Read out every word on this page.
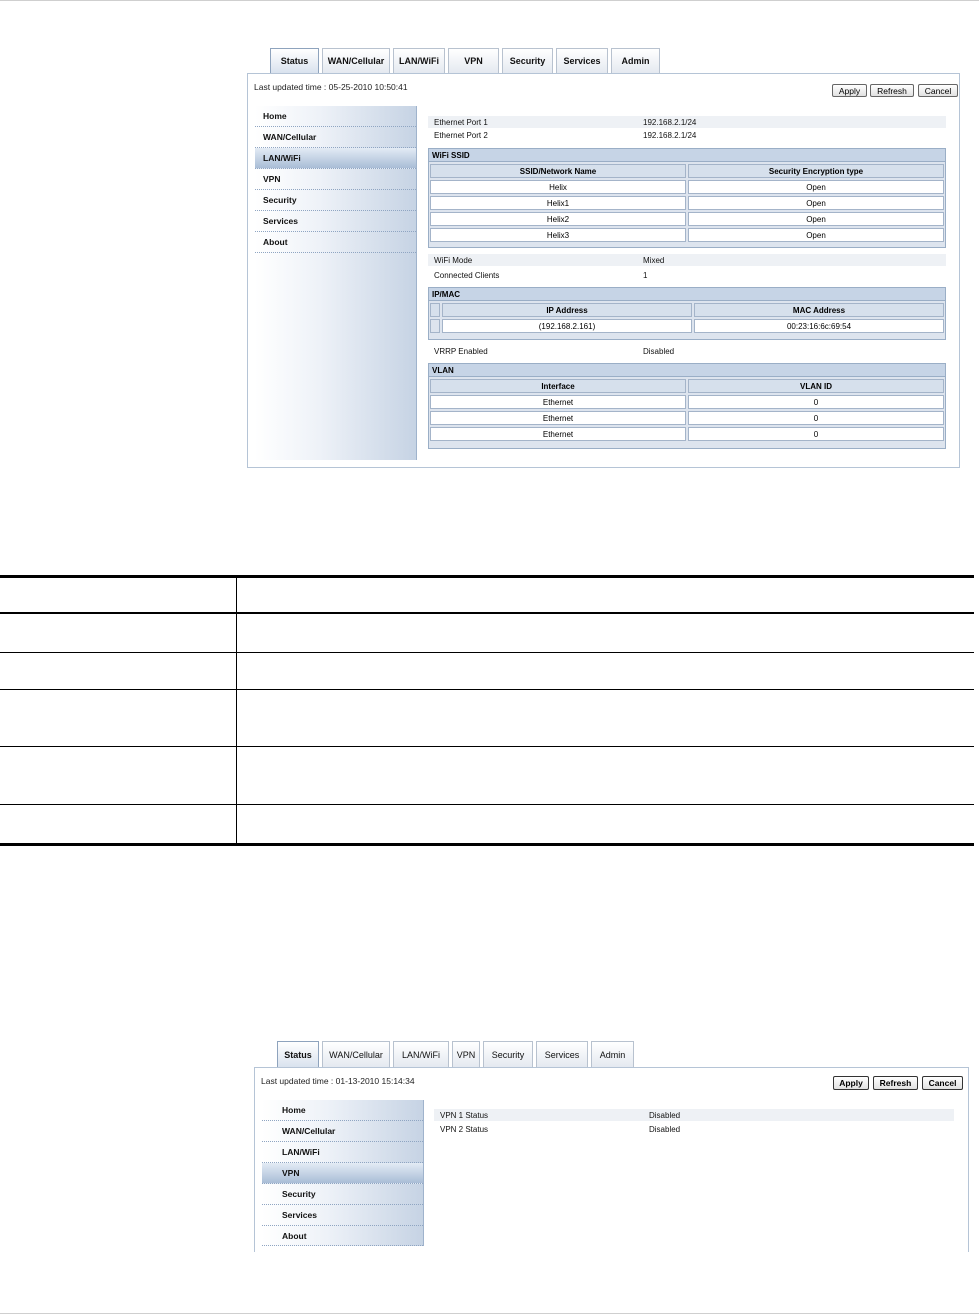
Status	WAN/Cellular	LAN/WiFi	VPN	Security	Services	Admin
Last updated time : 05-25-2010 10:50:41	Apply	Refresh	Cancel
Home
WAN/Cellular
LAN/WiFi
VPN
Security
Services
About
Ethernet Port 1	192.168.2.1/24
Ethernet Port 2	192.168.2.1/24
WiFi SSID
SSID/Network Name	Security Encryption type
Helix	Open
Helix1	Open
Helix2	Open
Helix3	Open
WiFi Mode	Mixed
Connected Clients	1
IP/MAC
IP Address	MAC Address
(192.168.2.161)	00:23:16:6c:69:54
VRRP Enabled	Disabled
VLAN
Interface	VLAN ID
Ethernet	0
Ethernet	0
Ethernet	0
Status	WAN/Cellular	LAN/WiFi	VPN	Security	Services	Admin
Last updated time : 01-13-2010 15:14:34	Apply	Refresh	Cancel
Home
WAN/Cellular
LAN/WiFi
VPN
Security
Services
About
VPN 1 Status	Disabled
VPN 2 Status	Disabled
